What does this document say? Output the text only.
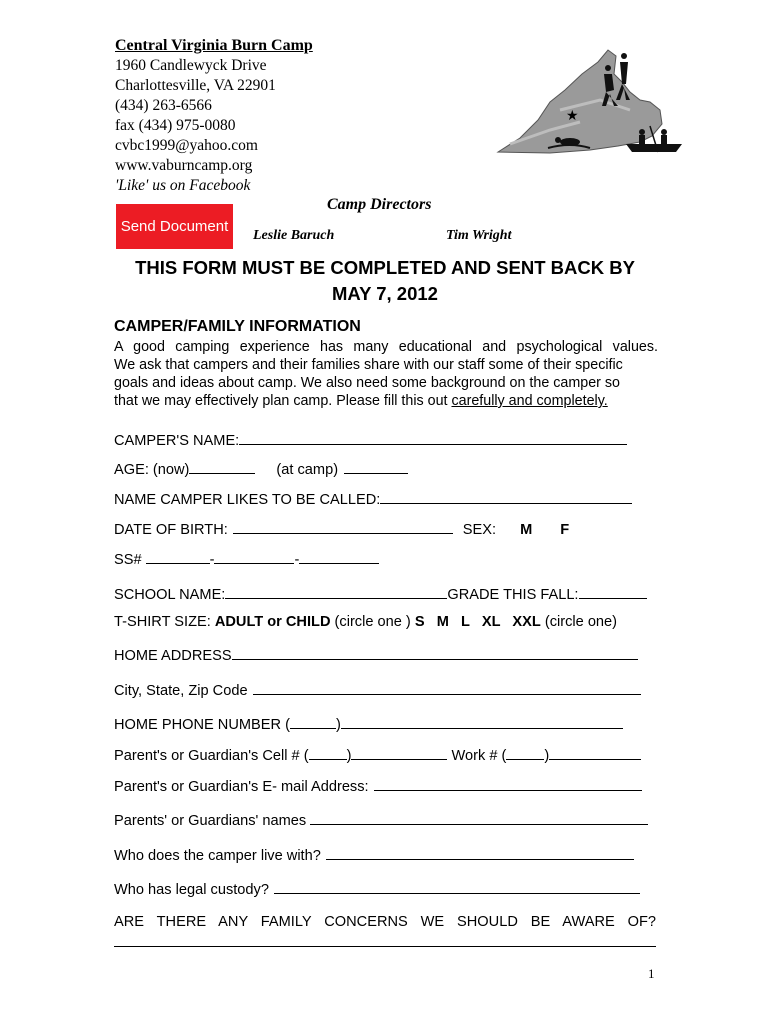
Central Virginia Burn Camp
1960 Candlewyck Drive
Charlottesville, VA 22901
(434) 263-6566
fax (434) 975-0080
cvbc1999@yahoo.com
www.vaburncamp.org
'Like' us on Facebook
★
Send Document
Camp Directors
Leslie Baruch	Tim Wright
THIS FORM MUST BE COMPLETED AND SENT BACK BY
MAY 7, 2012
CAMPER/FAMILY INFORMATION
A good camping experience has many educational and psychological values.
We ask that campers and their families share with our staff some of their specific
goals and ideas about camp. We also need some background on the camper so
that we may effectively plan camp. Please fill this out carefully and completely.
CAMPER'S NAME:
AGE: (now)	(at camp)
NAME CAMPER LIKES TO BE CALLED:
DATE OF BIRTH:	SEX: M F
SS#	-	-
SCHOOL NAME:	GRADE THIS FALL:
T-SHIRT SIZE: ADULT or CHILD (circle one ) S   M   L   XL   XXL (circle one)
HOME ADDRESS
City, State, Zip Code
HOME PHONE NUMBER (	)
Parent's or Guardian's Cell # (	)	Work # (	)
Parent's or Guardian's E- mail Address:
Parents' or Guardians' names
Who does the camper live with?
Who has legal custody?
ARE THERE ANY FAMILY CONCERNS WE SHOULD BE AWARE OF?
1
